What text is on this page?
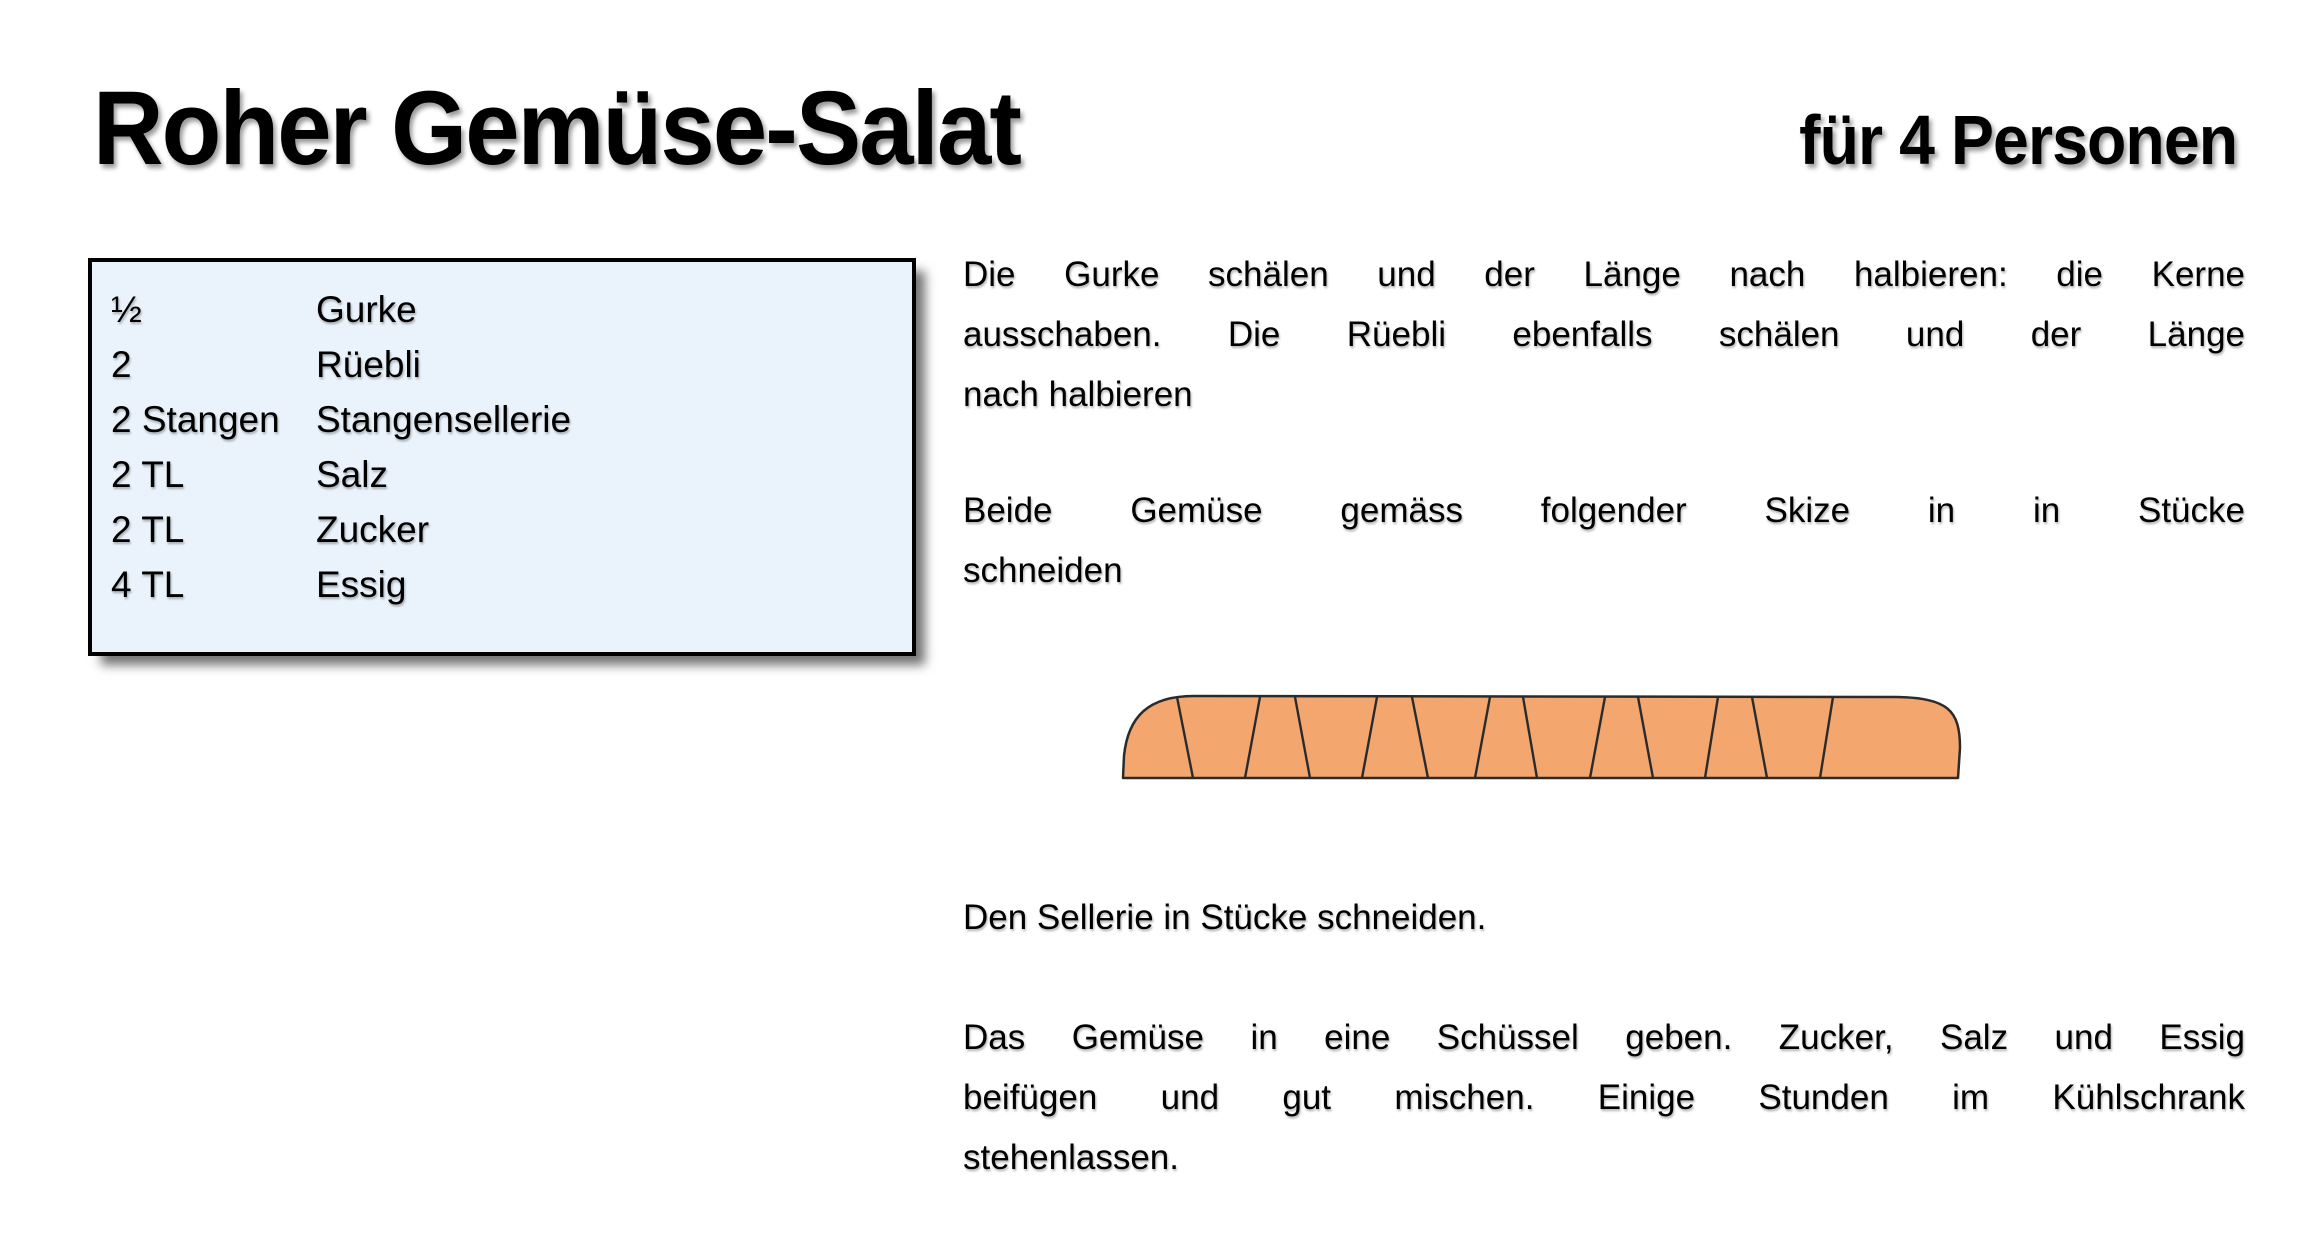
Roher Gemüse-Salat	für 4 Personen
½	Gurke
2	Rüebli
2 Stangen Stangensellerie
2 TL	Salz
2 TL	Zucker
4 TL	Essig
Die Gurke schälen und der Länge nach halbieren: die Kerne
ausschaben. Die Rüebli ebenfalls schälen und der Länge
nach halbieren
Beide Gemüse gemäss folgender Skize in in Stücke
schneiden
Den Sellerie in Stücke schneiden.
Das Gemüse in eine Schüssel geben. Zucker, Salz und Essig
beifügen und gut mischen. Einige Stunden im Kühlschrank
stehenlassen.
